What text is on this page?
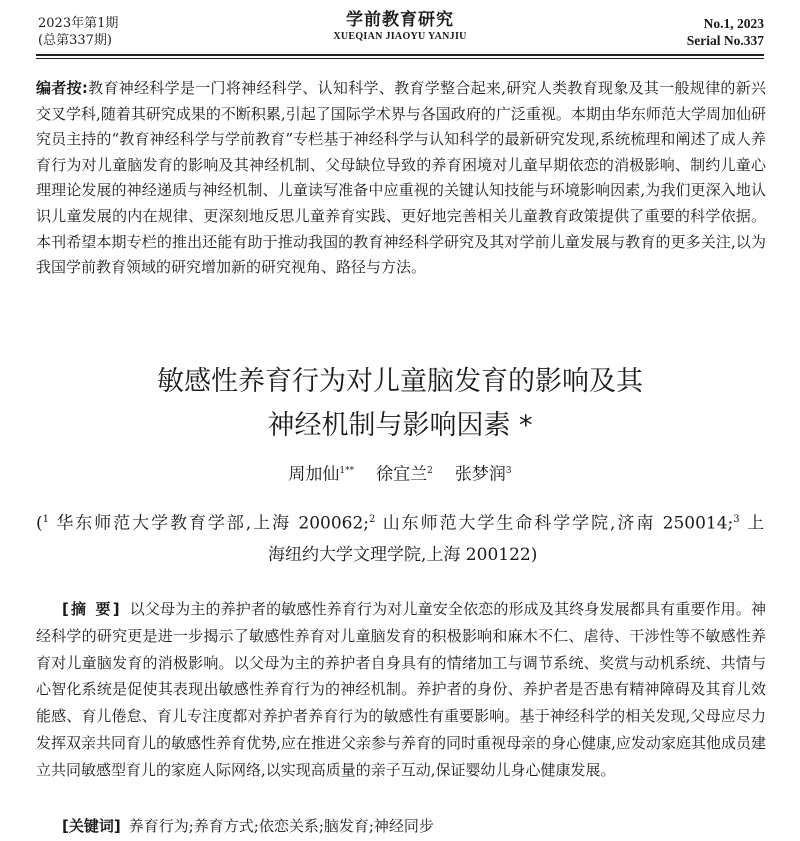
2023年第1期
(总第337期)
学前教育研究
XUEQIAN JIAOYU YANJIU
No.1, 2023
Serial No.337
编者按:教育神经科学是一门将神经科学、认知科学、教育学整合起来,研究人类教育现象及其一般规律的新兴交叉学科,随着其研究成果的不断积累,引起了国际学术界与各国政府的广泛重视。本期由华东师范大学周加仙研究员主持的“教育神经科学与学前教育”专栏基于神经科学与认知科学的最新研究发现,系统梳理和阐述了成人养育行为对儿童脑发育的影响及其神经机制、父母缺位导致的养育困境对儿童早期依恋的消极影响、制约儿童心理理论发展的神经递质与神经机制、儿童读写准备中应重视的关键认知技能与环境影响因素,为我们更深入地认识儿童发展的内在规律、更深刻地反思儿童养育实践、更好地完善相关儿童教育政策提供了重要的科学依据。本刊希望本期专栏的推出还能有助于推动我国的教育神经科学研究及其对学前儿童发展与教育的更多关注,以为我国学前教育领域的研究增加新的研究视角、路径与方法。
敏感性养育行为对儿童脑发育的影响及其
神经机制与影响因素 *
周加仙$^{1**}$ 徐宜兰$^2$ 张梦润$^3$
($^1$ 华东师范大学教育学部,上海 200062;$^2$ 山东师范大学生命科学学院,济南 250014;$^3$ 上
海纽约大学文理学院,上海 200122)
[摘 要] 以父母为主的养护者的敏感性养育行为对儿童安全依恋的形成及其终身发展都具有重要作用。神经科学的研究更是进一步揭示了敏感性养育对儿童脑发育的积极影响和麻木不仁、虐待、干涉性等不敏感性养育对儿童脑发育的消极影响。以父母为主的养护者自身具有的情绪加工与调节系统、奖赏与动机系统、共情与心智化系统是促使其表现出敏感性养育行为的神经机制。养护者的身份、养护者是否患有精神障碍及其育儿效能感、育儿倦怠、育儿专注度都对养护者养育行为的敏感性有重要影响。基于神经科学的相关发现,父母应尽力发挥双亲共同育儿的敏感性养育优势,应在推进父亲参与养育的同时重视母亲的身心健康,应发动家庭其他成员建立共同敏感型育儿的家庭人际网络,以实现高质量的亲子互动,保证婴幼儿身心健康发展。
[关键词] 养育行为;养育方式;依恋关系;脑发育;神经同步
